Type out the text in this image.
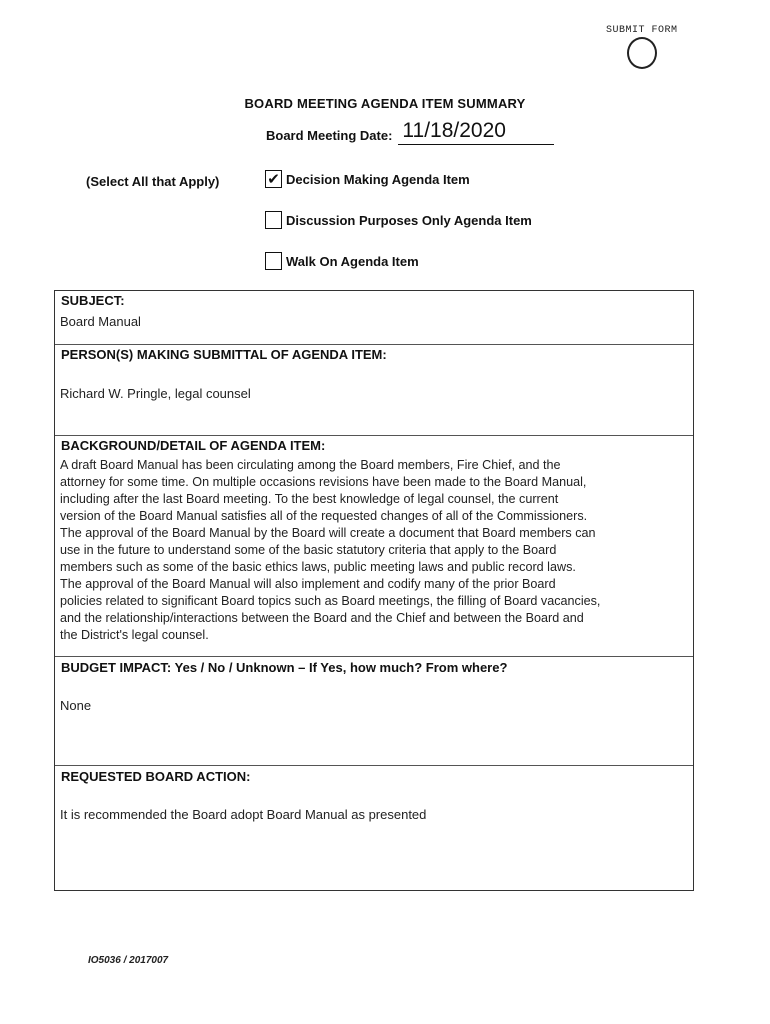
SUBMIT FORM
BOARD MEETING AGENDA ITEM SUMMARY
Board Meeting Date: 11/18/2020
(Select All that Apply)	✔ Decision Making Agenda Item
Discussion Purposes Only Agenda Item
Walk On Agenda Item
SUBJECT:
Board Manual
PERSON(S) MAKING SUBMITTAL OF AGENDA ITEM:
Richard W. Pringle, legal counsel
BACKGROUND/DETAIL OF AGENDA ITEM:
A draft Board Manual has been circulating among the Board members, Fire Chief, and the
attorney for some time. On multiple occasions revisions have been made to the Board Manual,
including after the last Board meeting. To the best knowledge of legal counsel, the current
version of the Board Manual satisfies all of the requested changes of all of the Commissioners.
The approval of the Board Manual by the Board will create a document that Board members can
use in the future to understand some of the basic statutory criteria that apply to the Board
members such as some of the basic ethics laws, public meeting laws and public record laws.
The approval of the Board Manual will also implement and codify many of the prior Board
policies related to significant Board topics such as Board meetings, the filling of Board vacancies,
and the relationship/interactions between the Board and the Chief and between the Board and
the District's legal counsel.
BUDGET IMPACT: Yes / No / Unknown – If Yes, how much? From where?
None
REQUESTED BOARD ACTION:
It is recommended the Board adopt Board Manual as presented
IO5036 / 2017007
